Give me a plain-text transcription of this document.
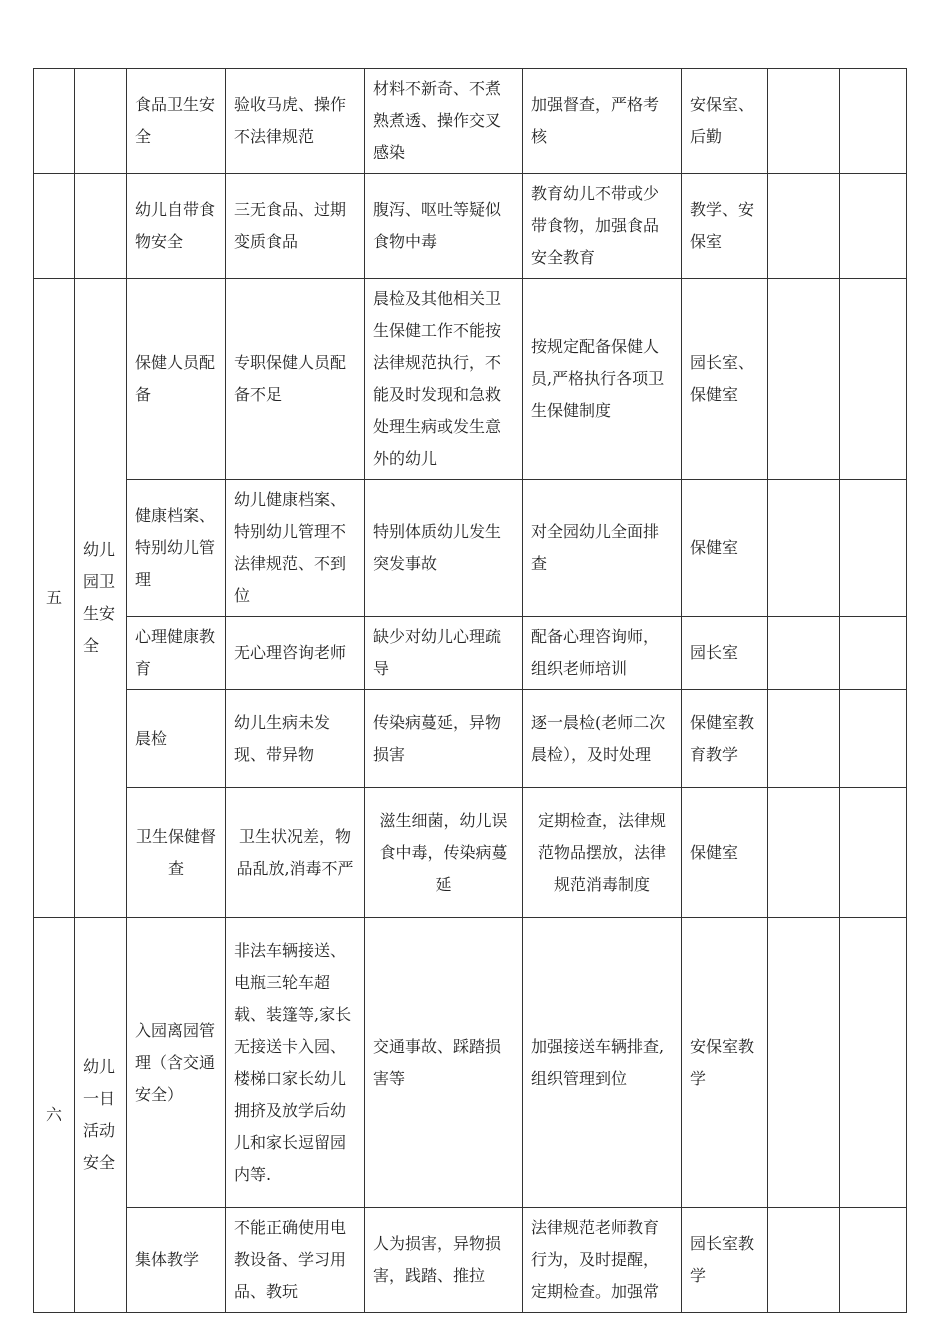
		食品卫生安全	验收马虎、操作不法律规范	材料不新奇、不煮熟煮透、操作交叉感染	加强督查，严格考核	安保室、后勤		

		幼儿自带食物安全	三无食品、过期变质食品	腹泻、呕吐等疑似食物中毒	教育幼儿不带或少带食物，加强食品安全教育	教学、安保室		

五	幼儿园卫生安全	保健人员配备	专职保健人员配备不足	晨检及其他相关卫生保健工作不能按法律规范执行，不能及时发现和急救处理生病或发生意外的幼儿	按规定配备保健人员,严格执行各项卫生保健制度	园长室、保健室		

		健康档案、特别幼儿管理	幼儿健康档案、特别幼儿管理不法律规范、不到位	特别体质幼儿发生突发事故	对全园幼儿全面排查	保健室		

		心理健康教育	无心理咨询老师	缺少对幼儿心理疏导	配备心理咨询师，组织老师培训	园长室		

		晨检	幼儿生病未发现、带异物	传染病蔓延，异物损害	逐一晨检(老师二次晨检），及时处理	保健室教育教学		

		卫生保健督查	卫生状况差，物品乱放,消毒不严	滋生细菌，幼儿误食中毒，传染病蔓延	定期检查，法律规范物品摆放，法律规范消毒制度	保健室		

六	幼儿一日活动安全	入园离园管理（含交通安全）	非法车辆接送、电瓶三轮车超载、装篷等,家长无接送卡入园、楼梯口家长幼儿拥挤及放学后幼儿和家长逗留园内等.	交通事故、踩踏损害等	加强接送车辆排查,组织管理到位	安保室教学		

		集体教学	不能正确使用电教设备、学习用品、教玩	人为损害，异物损害，践踏、推拉	法律规范老师教育行为，及时提醒，定期检查。加强常	园长室教学		
